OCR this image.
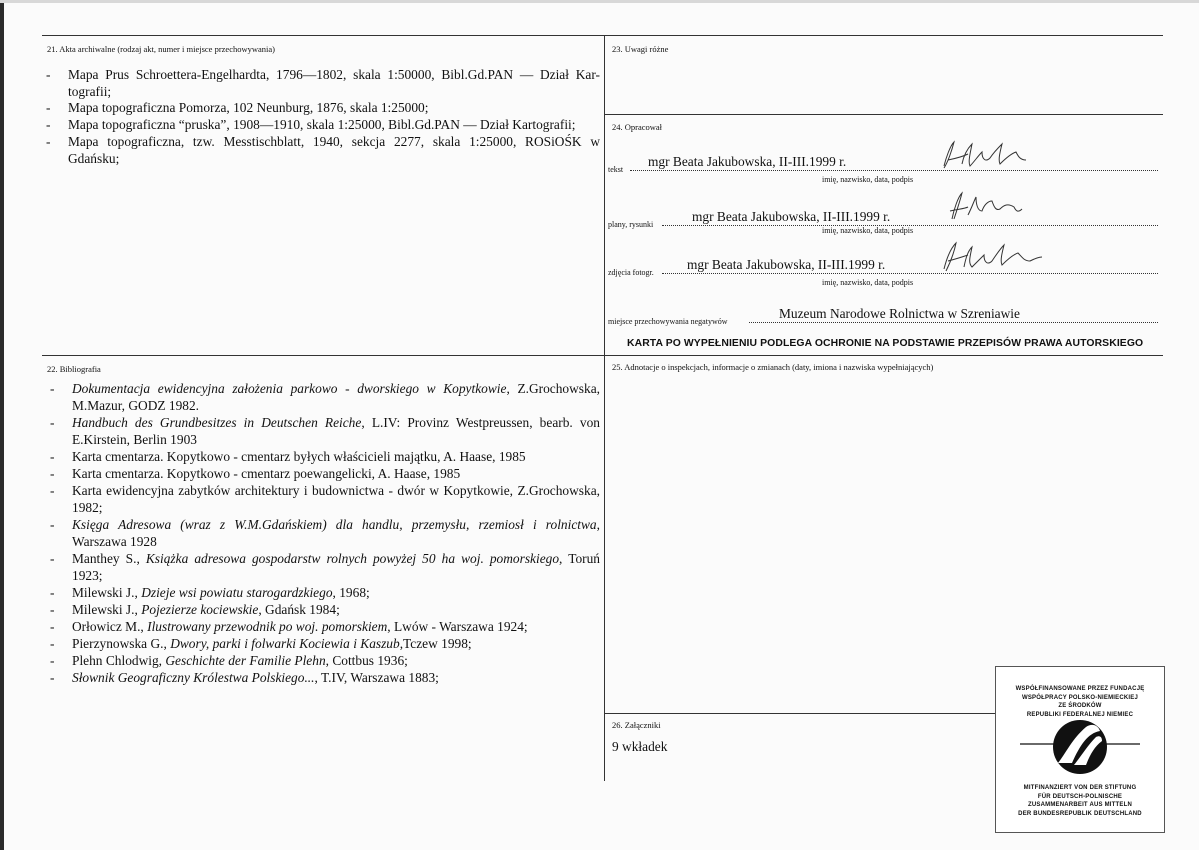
21. Akta archiwalne (rodzaj akt, numer i miejsce przechowywania)
- Mapa Prus Schroettera-Engelhardta, 1796—1802, skala 1:50000, Bibl.Gd.PAN — Dział Kar-
tografii;
- Mapa topograficzna Pomorza, 102 Neunburg, 1876, skala 1:25000;
- Mapa topograficzna “pruska”, 1908—1910, skala 1:25000, Bibl.Gd.PAN — Dział Kartografii;
- Mapa topograficzna, tzw. Messtischblatt, 1940, sekcja 2277, skala 1:25000, ROSiOŚK w
Gdańsku;
22. Bibliografia
- Dokumentacja ewidencyjna założenia parkowo - dworskiego w Kopytkowie, Z.Grochowska,
M.Mazur, GODZ 1982.
- Handbuch des Grundbesitzes in Deutschen Reiche, L.IV: Provinz Westpreussen, bearb. von
E.Kirstein, Berlin 1903
- Karta cmentarza. Kopytkowo - cmentarz byłych właścicieli majątku, A. Haase, 1985
- Karta cmentarza. Kopytkowo - cmentarz poewangelicki, A. Haase, 1985
- Karta ewidencyjna zabytków architektury i budownictwa - dwór w Kopytkowie, Z.Grochowska,
1982;
- Księga Adresowa (wraz z W.M.Gdańskiem) dla handlu, przemysłu, rzemiosł i rolnictwa,
Warszawa 1928
- Manthey S., Książka adresowa gospodarstw rolnych powyżej 50 ha woj. pomorskiego, Toruń
1923;
- Milewski J., Dzieje wsi powiatu starogardzkiego, 1968;
- Milewski J., Pojezierze kociewskie, Gdańsk 1984;
- Orłowicz M., Ilustrowany przewodnik po woj. pomorskiem, Lwów - Warszawa 1924;
- Pierzynowska G., Dwory, parki i folwarki Kociewia i Kaszub,Tczew 1998;
- Plehn Chlodwig, Geschichte der Familie Plehn, Cottbus 1936;
- Słownik Geograficzny Królestwa Polskiego..., T.IV, Warszawa 1883;
23. Uwagi różne
24. Opracował
tekst
mgr Beata Jakubowska, II-III.1999 r.
imię, nazwisko, data, podpis
plany, rysunki
mgr Beata Jakubowska, II-III.1999 r.
imię, nazwisko, data, podpis
zdjęcia fotogr.
mgr Beata Jakubowska, II-III.1999 r.
imię, nazwisko, data, podpis
miejsce przechowywania negatywów
Muzeum Narodowe Rolnictwa w Szreniawie
KARTA PO WYPEŁNIENIU PODLEGA OCHRONIE NA PODSTAWIE PRZEPISÓW PRAWA AUTORSKIEGO
25. Adnotacje o inspekcjach, informacje o zmianach (daty, imiona i nazwiska wypełniających)
26. Załączniki
9 wkładek
WSPÓŁFINANSOWANE PRZEZ FUNDACJĘ
WSPÓŁPRACY POLSKO-NIEMIECKIEJ
ZE ŚRODKÓW
REPUBLIKI FEDERALNEJ NIEMIEC
MITFINANZIERT VON DER STIFTUNG
FÜR DEUTSCH-POLNISCHE
ZUSAMMENARBEIT AUS MITTELN
DER BUNDESREPUBLIK DEUTSCHLAND
